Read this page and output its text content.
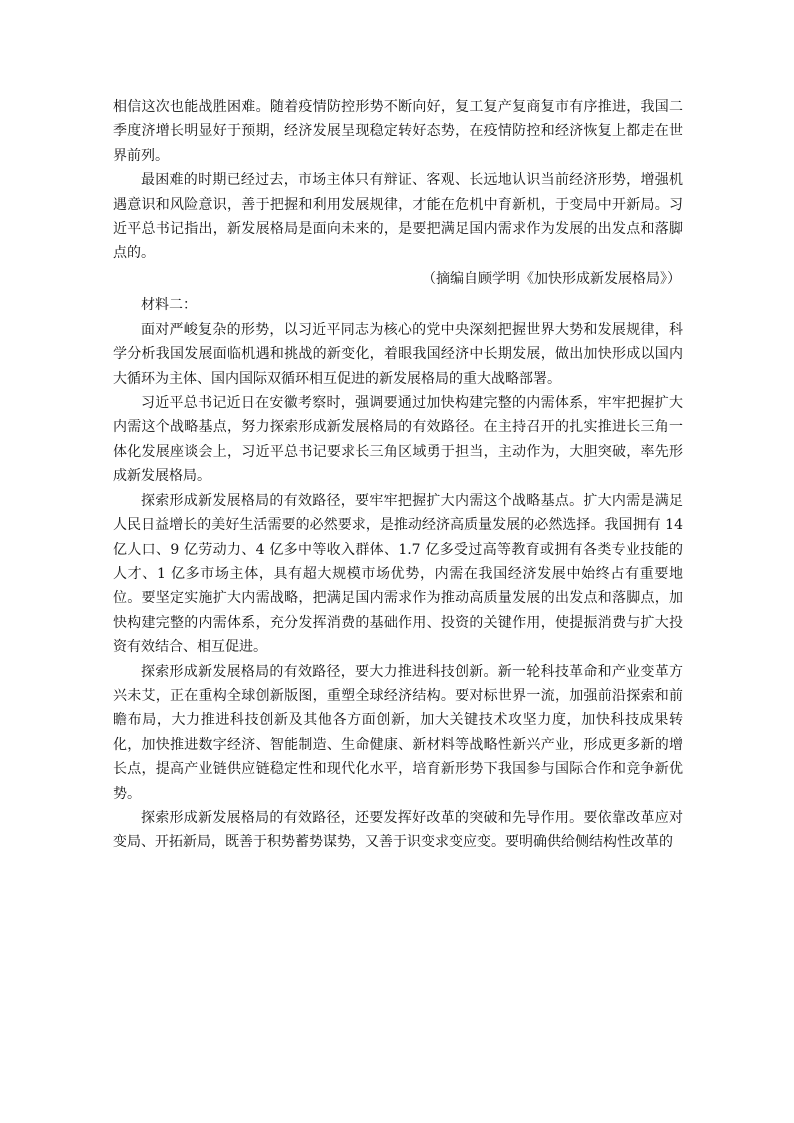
相信这次也能战胜困难。随着疫情防控形势不断向好，复工复产复商复市有序推进，我国二季度济增长明显好于预期，经济发展呈现稳定转好态势，在疫情防控和经济恢复上都走在世界前列。

最困难的时期已经过去，市场主体只有辩证、客观、长远地认识当前经济形势，增强机遇意识和风险意识，善于把握和利用发展规律，才能在危机中育新机，于变局中开新局。习近平总书记指出，新发展格局是面向未来的，是要把满足国内需求作为发展的出发点和落脚点的。

（摘编自顾学明《加快形成新发展格局》）

材料二：

面对严峻复杂的形势，以习近平同志为核心的党中央深刻把握世界大势和发展规律，科学分析我国发展面临机遇和挑战的新变化，着眼我国经济中长期发展，做出加快形成以国内大循环为主体、国内国际双循环相互促进的新发展格局的重大战略部署。

习近平总书记近日在安徽考察时，强调要通过加快构建完整的内需体系，牢牢把握扩大内需这个战略基点，努力探索形成新发展格局的有效路径。在主持召开的扎实推进长三角一体化发展座谈会上，习近平总书记要求长三角区域勇于担当，主动作为，大胆突破，率先形成新发展格局。

探索形成新发展格局的有效路径，要牢牢把握扩大内需这个战略基点。扩大内需是满足人民日益增长的美好生活需要的必然要求，是推动经济高质量发展的必然选择。我国拥有 14 亿人口、9 亿劳动力、4 亿多中等收入群体、1.7 亿多受过高等教育或拥有各类专业技能的人才、1 亿多市场主体，具有超大规模市场优势，内需在我国经济发展中始终占有重要地位。要坚定实施扩大内需战略，把满足国内需求作为推动高质量发展的出发点和落脚点，加快构建完整的内需体系，充分发挥消费的基础作用、投资的关键作用，使提振消费与扩大投资有效结合、相互促进。

探索形成新发展格局的有效路径，要大力推进科技创新。新一轮科技革命和产业变革方兴未艾，正在重构全球创新版图，重塑全球经济结构。要对标世界一流，加强前沿探索和前瞻布局，大力推进科技创新及其他各方面创新，加大关键技术攻坚力度，加快科技成果转化，加快推进数字经济、智能制造、生命健康、新材料等战略性新兴产业，形成更多新的增长点，提高产业链供应链稳定性和现代化水平，培育新形势下我国参与国际合作和竞争新优势。

探索形成新发展格局的有效路径，还要发挥好改革的突破和先导作用。要依靠改革应对变局、开拓新局，既善于积势蓄势谋势，又善于识变求变应变。要明确供给侧结构性改革的
